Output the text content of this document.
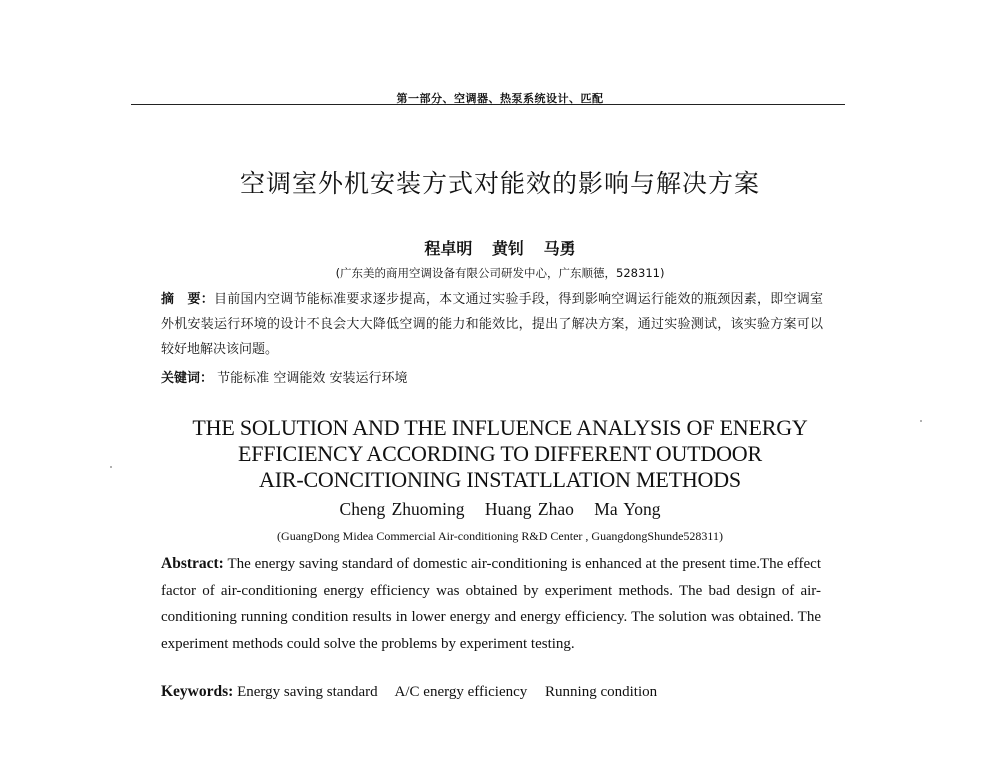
第一部分、空调器、热泵系统设计、匹配
空调室外机安装方式对能效的影响与解决方案
程卓明 黄钊 马勇
(广东美的商用空调设备有限公司研发中心，广东顺德，528311)
摘　要：目前国内空调节能标准要求逐步提高，本文通过实验手段，得到影响空调运行能效的瓶颈因素，即空调室外机安装运行环境的设计不良会大大降低空调的能力和能效比，提出了解决方案，通过实验测试，该实验方案可以较好地解决该问题。
关键词： 节能标准 空调能效 安装运行环境
THE SOLUTION AND THE INFLUENCE ANALYSIS OF ENERGY
EFFICIENCY ACCORDING TO DIFFERENT OUTDOOR
AIR-CONCITIONING INSTATLLATION METHODS
Cheng Zhuoming Huang Zhao Ma Yong
(GuangDong Midea Commercial Air-conditioning R&D Center , GuangdongShunde528311)
Abstract: The energy saving standard of domestic air-conditioning is enhanced at the present time.The effect factor of air-conditioning energy efficiency was obtained by experiment methods. The bad design of air-conditioning running condition results in lower energy and energy efficiency. The solution was obtained. The experiment methods could solve the problems by experiment testing.
Keywords: Energy saving standard A/C energy efficiency Running condition
